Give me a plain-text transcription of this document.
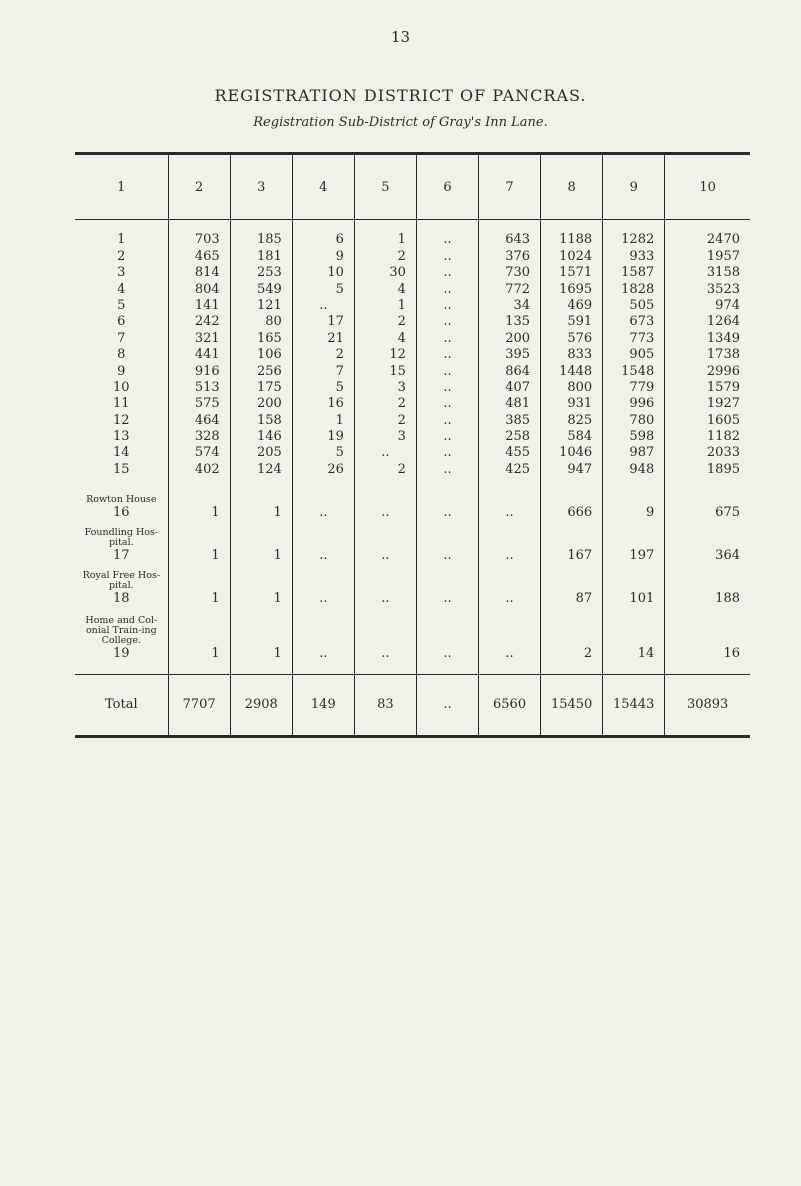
13
REGISTRATION DISTRICT OF PANCRAS.
Registration Sub-District of Gray's Inn Lane.
1	2	3	4	5	6	7	8	9	10

1	703	185	6	1	..	643	1188	1282	2470
2	465	181	9	2	..	376	1024	933	1957
3	814	253	10	30	..	730	1571	1587	3158
4	804	549	5	4	..	772	1695	1828	3523
5	141	121	..	1	..	34	469	505	974
6	242	80	17	2	..	135	591	673	1264
7	321	165	21	4	..	200	576	773	1349
8	441	106	2	12	..	395	833	905	1738
9	916	256	7	15	..	864	1448	1548	2996
10	513	175	5	3	..	407	800	779	1579
11	575	200	16	2	..	481	931	996	1927
12	464	158	1	2	..	385	825	780	1605
13	328	146	19	3	..	258	584	598	1182
14	574	205	5	..	..	455	1046	987	2033
15	402	124	26	2	..	425	947	948	1895

Rowton House
16	1	1	..	..	..	..	666	9	675

Foundling Hos-pital.
17	1	1	..	..	..	..	167	197	364

Royal Free Hos-pital.
18	1	1	..	..	..	..	87	101	188

Home and Col-onial Train-ing College.
19	1	1	..	..	..	..	2	14	16

Total	7707	2908	149	83	..	6560	15450	15443	30893
